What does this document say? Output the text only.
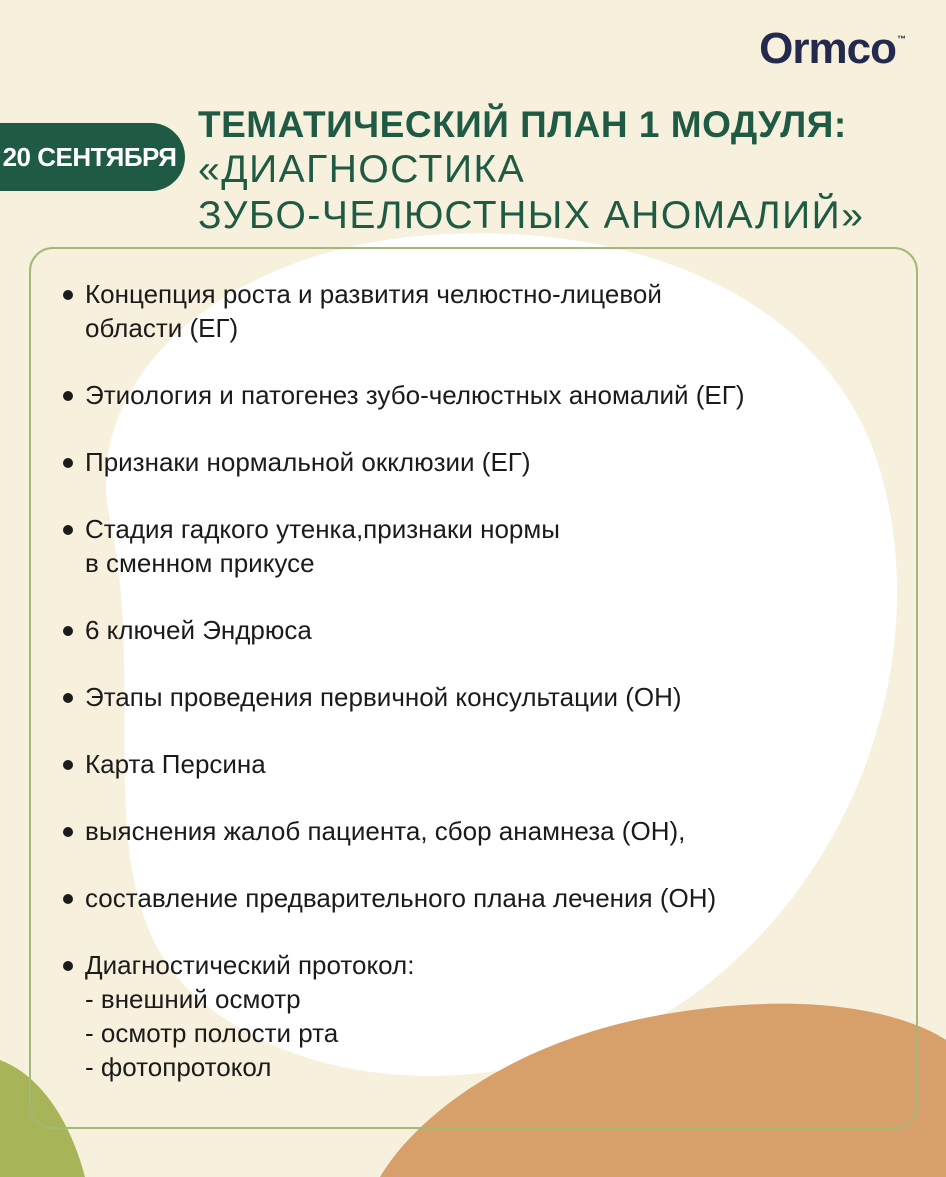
Ormco™
20 СЕНТЯБРЯ
ТЕМАТИЧЕСКИЙ ПЛАН 1 МОДУЛЯ:
«ДИАГНОСТИКА
ЗУБО-ЧЕЛЮСТНЫХ АНОМАЛИЙ»
Концепция роста и развития челюстно-лицевой
области (ЕГ)
Этиология и патогенез зубо-челюстных аномалий (ЕГ)
Признаки нормальной окклюзии (ЕГ)
Стадия гадкого утенка,признаки нормы
в сменном прикусе
6 ключей Эндрюса
Этапы проведения первичной консультации (ОН)
Карта Персина
выяснения жалоб пациента, сбор анамнеза (ОН),
составление предварительного плана лечения (ОН)
Диагностический протокол:
- внешний осмотр
- осмотр полости рта
- фотопротокол
